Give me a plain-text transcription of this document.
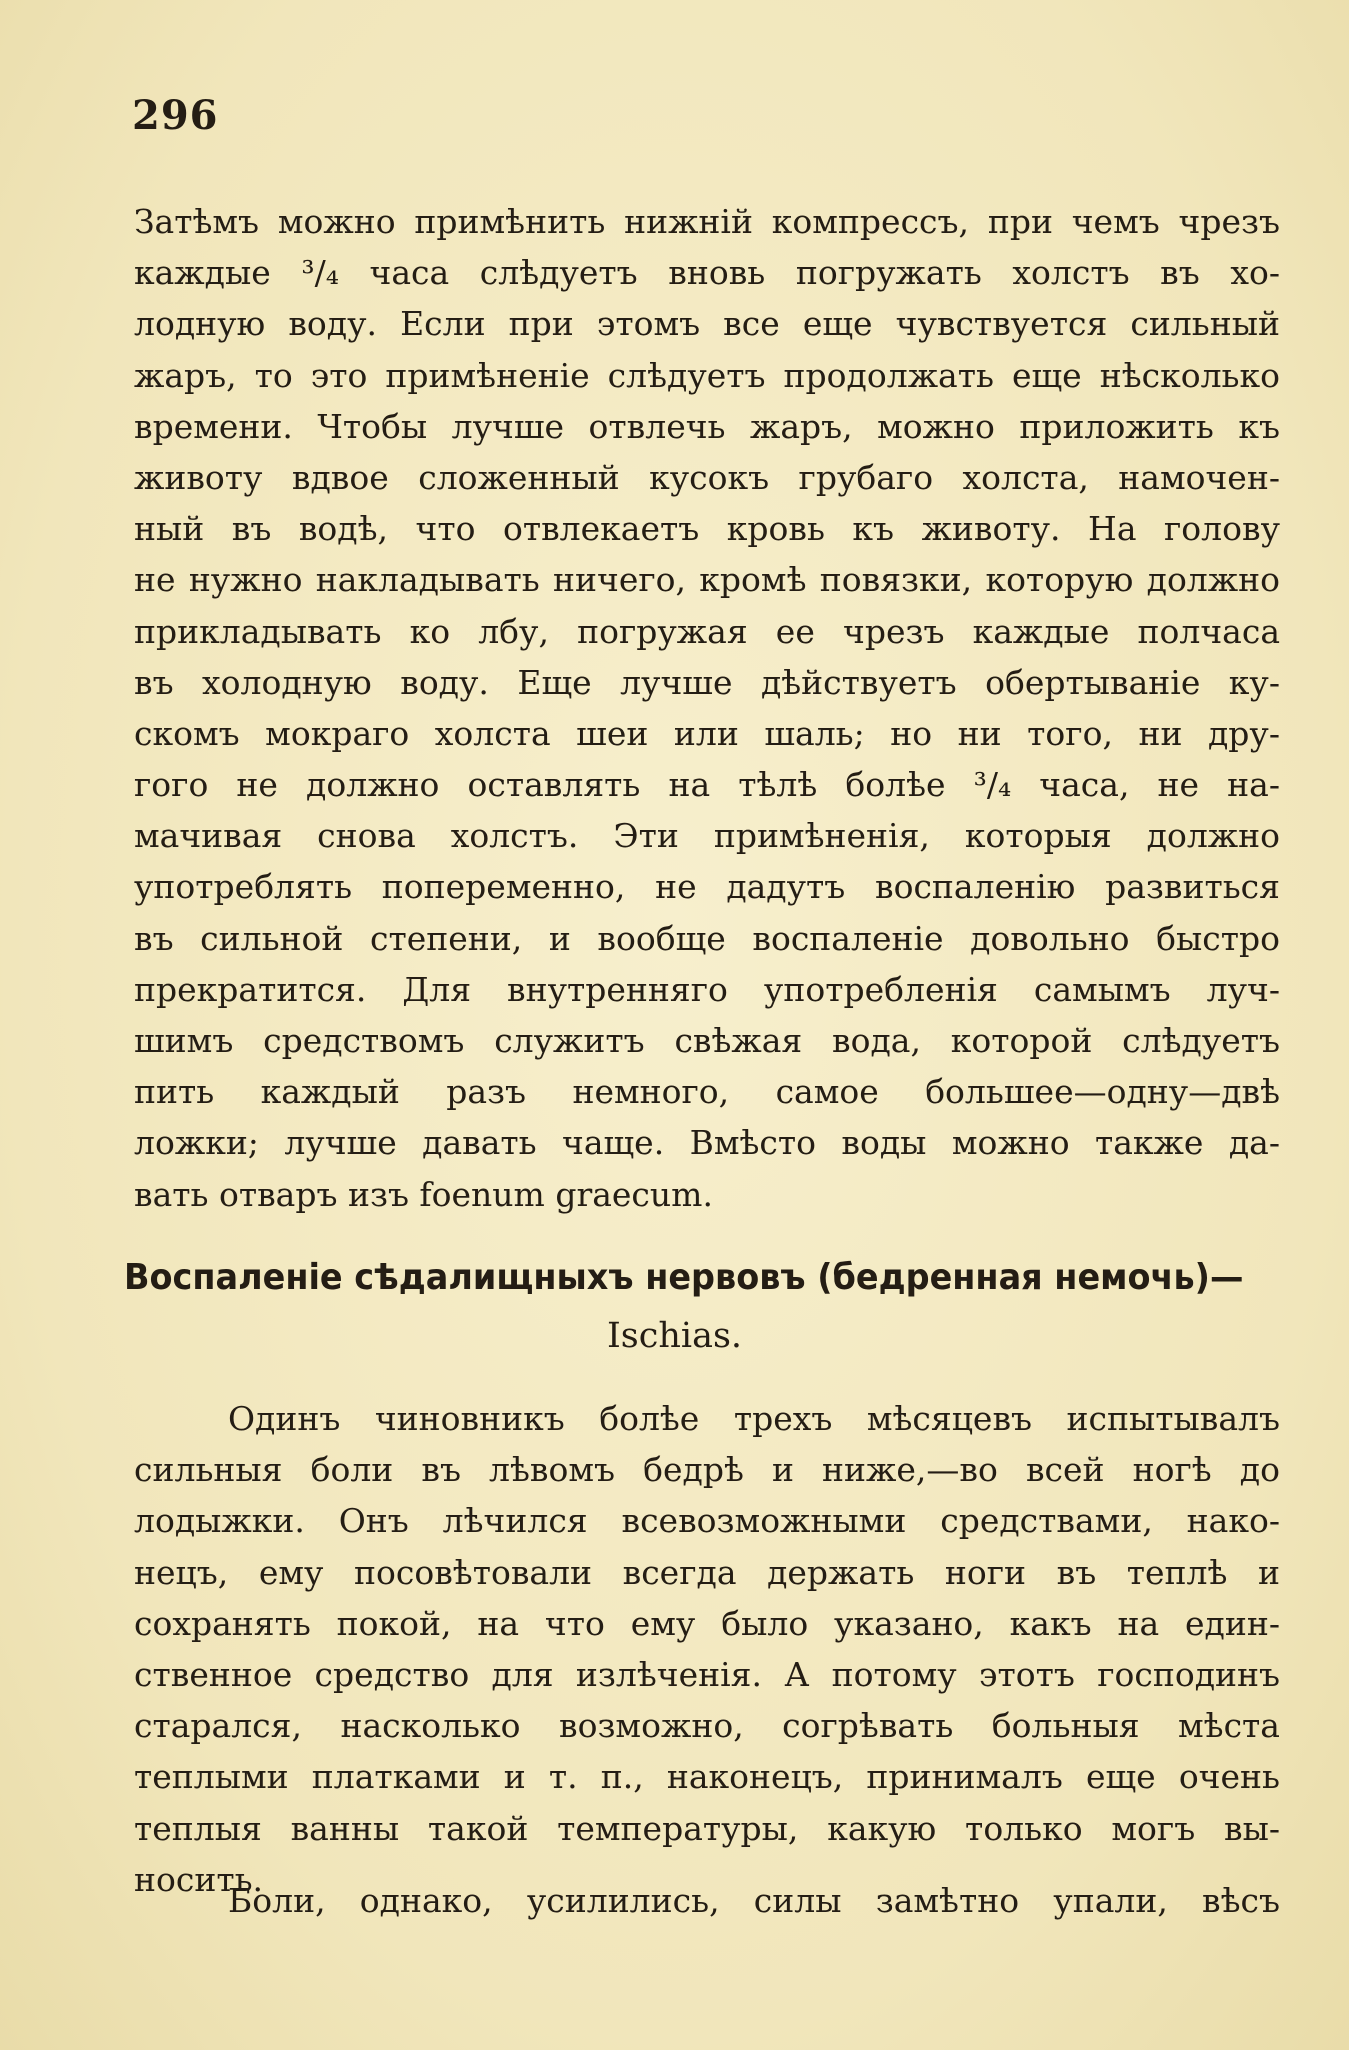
296
Затѣмъ можно примѣнить нижній компрессъ, при чемъ чрезъ
каждые ³/₄ часа слѣдуетъ вновь погружать холстъ въ хо-
лодную воду. Если при этомъ все еще чувствуется сильный
жаръ, то это примѣненіе слѣдуетъ продолжать еще нѣсколько
времени. Чтобы лучше отвлечь жаръ, можно приложить къ
животу вдвое сложенный кусокъ грубаго холста, намочен-
ный въ водѣ, что отвлекаетъ кровь къ животу. На голову
не нужно накладывать ничего, кромѣ повязки, которую должно
прикладывать ко лбу, погружая ее чрезъ каждые полчаса
въ холодную воду. Еще лучше дѣйствуетъ обертываніе ку-
скомъ мокраго холста шеи или шаль; но ни того, ни дру-
гого не должно оставлять на тѣлѣ болѣе ³/₄ часа, не на-
мачивая снова холстъ. Эти примѣненія, которыя должно
употреблять попеременно, не дадутъ воспаленію развиться
въ сильной степени, и вообще воспаленіе довольно быстро
прекратится. Для внутренняго употребленія самымъ луч-
шимъ средствомъ служитъ свѣжая вода, которой слѣдуетъ
пить каждый разъ немного, самое большее—одну—двѣ
ложки; лучше давать чаще. Вмѣсто воды можно также да-
вать отваръ изъ foenum graecum.
Воспаленіе сѣдалищныхъ нервовъ (бедренная немочь)—
Ischias.
Одинъ чиновникъ болѣе трехъ мѣсяцевъ испытывалъ
сильныя боли въ лѣвомъ бедрѣ и ниже,—во всей ногѣ до
лодыжки. Онъ лѣчился всевозможными средствами, нако-
нецъ, ему посовѣтовали всегда держать ноги въ теплѣ и
сохранять покой, на что ему было указано, какъ на един-
ственное средство для излѣченія. А потому этотъ господинъ
старался, насколько возможно, согрѣвать больныя мѣста
теплыми платками и т. п., наконецъ, принималъ еще очень
теплыя ванны такой температуры, какую только могъ вы-
носить.
Боли, однако, усилились, силы замѣтно упали, вѣсъ
